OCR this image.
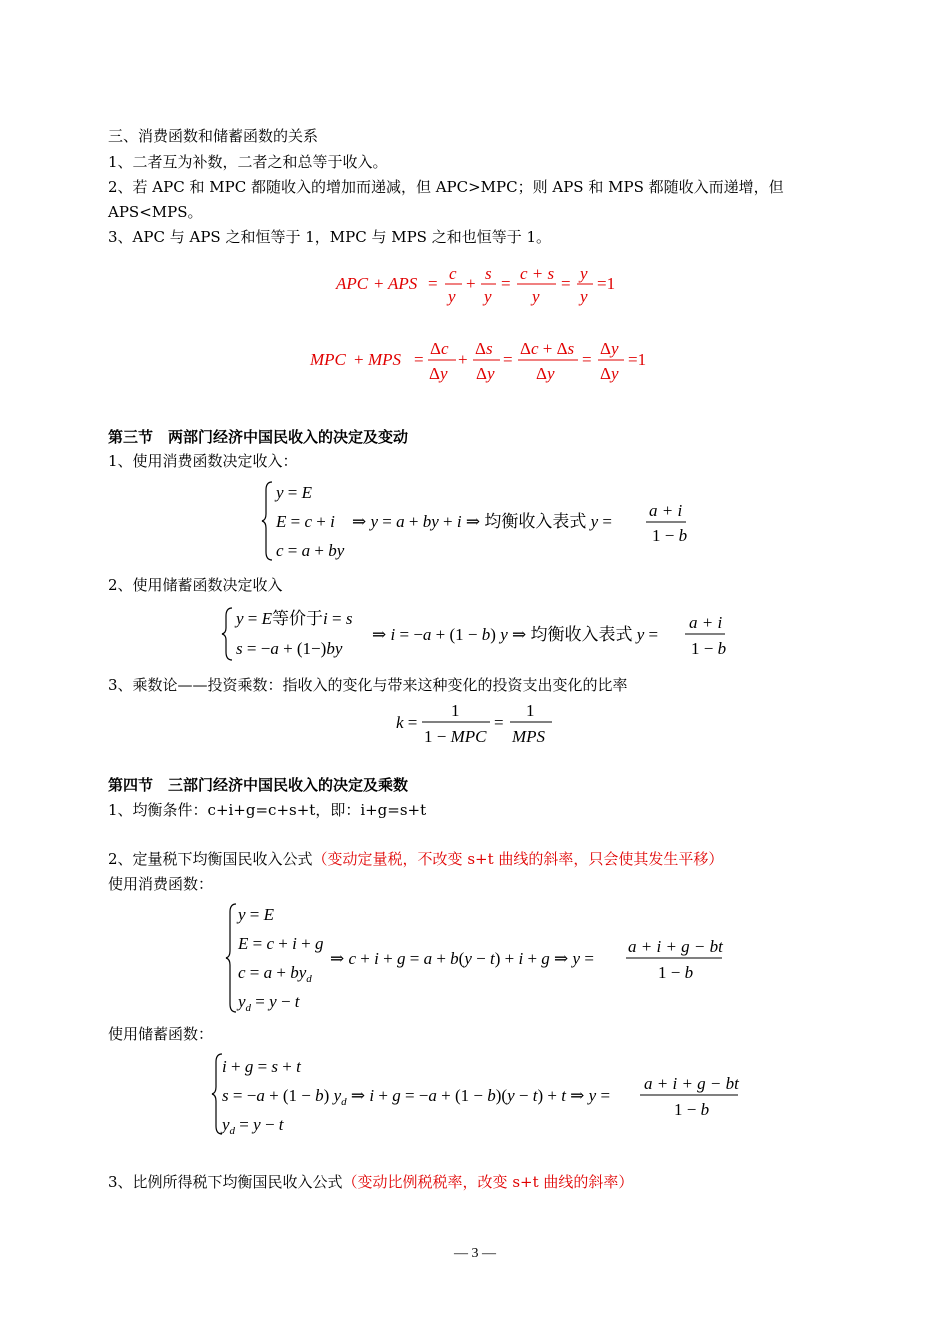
三、消费函数和储蓄函数的关系
1、二者互为补数，二者之和总等于收入。
2、若 APC 和 MPC 都随收入的增加而递减，但 APC>MPC；则 APS 和 MPS 都随收入而递增，但
APS<MPS。
3、APC 与 APS 之和恒等于 1，MPC 与 MPS 之和也恒等于 1。
APC + APS =
c
y
+
s
y
=
c + s
y
=
y
y
=1
MPC + MPS =
Δc
Δy
+
Δs
Δy
=
Δc + Δs
Δy
=
Δy
Δy
=1
第三节　两部门经济中国民收入的决定及变动
1、使用消费函数决定收入：
y = E
E = c + i
c = a + by
⇒ y = a + by + i ⇒ 均衡收入表式 y =
a + i
1 − b
2、使用储蓄函数决定收入
y = E等价于i = s
s = −a + (1−)by
⇒ i = −a + (1 − b) y ⇒ 均衡收入表式 y =
a + i
1 − b
3、乘数论——投资乘数：指收入的变化与带来这种变化的投资支出变化的比率
k =
1
1 − MPC
=
1
MPS
第四节　三部门经济中国民收入的决定及乘数
1、均衡条件：c+i+g=c+s+t，即：i+g=s+t
2、定量税下均衡国民收入公式（变动定量税，不改变 s+t 曲线的斜率，只会使其发生平移）
使用消费函数：
y = E
E = c + i + g
$c = a + by_d$
$y_d = y - t$
⇒ c + i + g = a + b(y − t) + i + g ⇒ y =
a + i + g − bt
1 − b
使用储蓄函数：
i + g = s + t
s = −a + (1 − b) $y_d$ ⇒ i + g = −a + (1 − b)(y − t) + t ⇒ y =
$y_d = y - t$
a + i + g − bt
1 − b
3、比例所得税下均衡国民收入公式（变动比例税税率，改变 s+t 曲线的斜率）
— 3 —
